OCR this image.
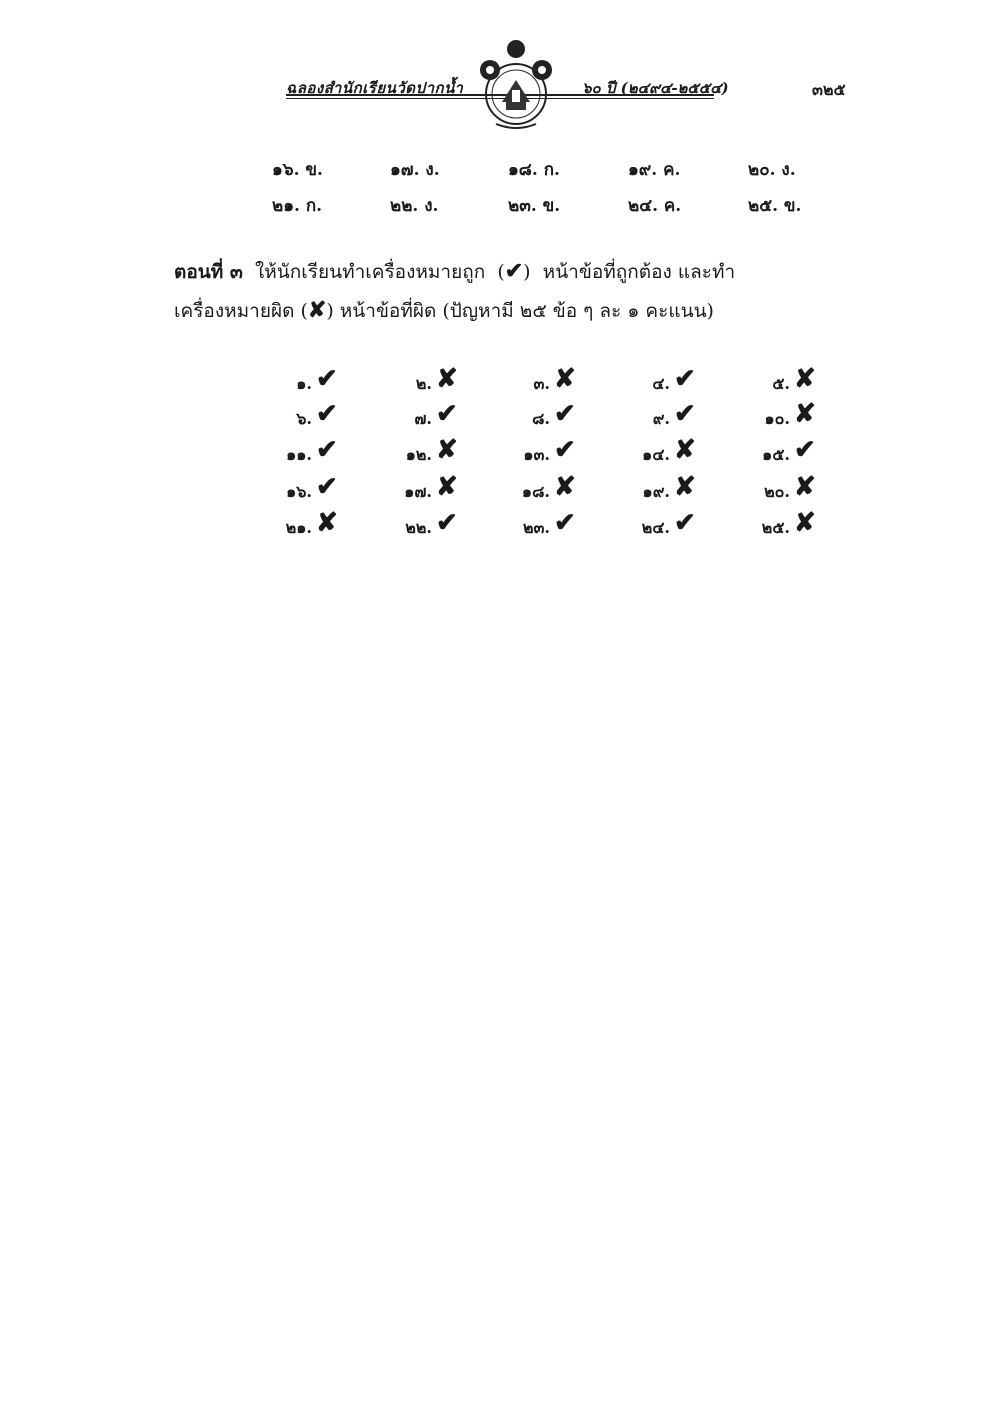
ฉลองสำนักเรียนวัดปากน้ำ	๖๐ ปี (๒๔๙๔-๒๕๕๔)	๓๒๕
๑๖. ข.	๑๗. ง.	๑๘. ก.	๑๙. ค.	๒๐. ง.
๒๑. ก.	๒๒. ง.	๒๓. ข.	๒๔. ค.	๒๕. ข.
ตอนที่ ๓ ให้นักเรียนทำเครื่องหมายถูก  (✔)  หน้าข้อที่ถูกต้อง และทำ
เครื่องหมายผิด (✘) หน้าข้อที่ผิด (ปัญหามี ๒๕ ข้อ ๆ ละ ๑ คะแนน)
๑. ✔	๒. ✘	๓. ✘	๔. ✔	๕. ✘
๖. ✔	๗. ✔	๘. ✔	๙. ✔	๑๐. ✘
๑๑. ✔	๑๒. ✘	๑๓. ✔	๑๔. ✘	๑๕. ✔
๑๖. ✔	๑๗. ✘	๑๘. ✘	๑๙. ✘	๒๐. ✘
๒๑. ✘	๒๒. ✔	๒๓. ✔	๒๔. ✔	๒๕. ✘
